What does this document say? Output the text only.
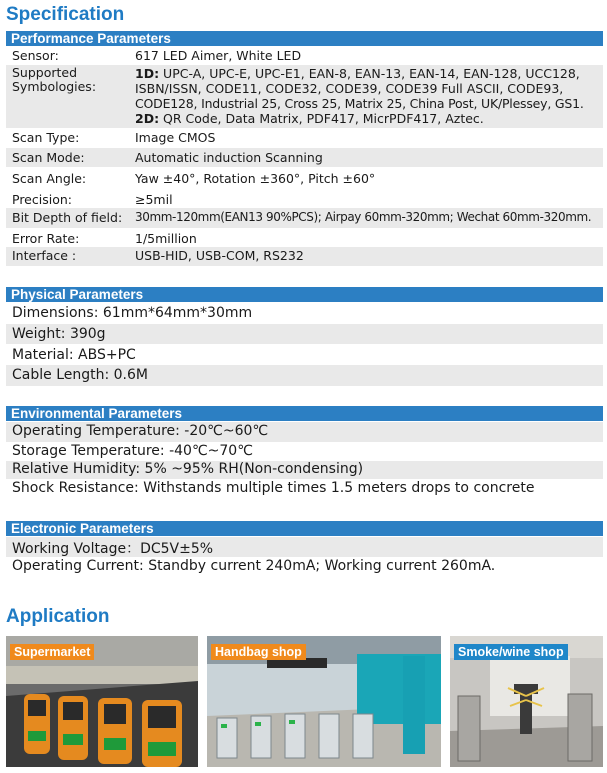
Specification
Performance Parameters
Sensor:	617 LED Aimer, White LED
Supported
Symbologies:
1D: UPC-A, UPC-E, UPC-E1, EAN-8, EAN-13, EAN-14, EAN-128, UCC128,
ISBN/ISSN, CODE11, CODE32, CODE39, CODE39 Full ASCII, CODE93,
CODE128, Industrial 25, Cross 25, Matrix 25, China Post, UK/Plessey, GS1.
2D: QR Code, Data Matrix, PDF417, MicrPDF417, Aztec.
Scan Type:	Image CMOS
Scan Mode:	Automatic induction Scanning
Scan Angle:	Yaw ±40°, Rotation ±360°, Pitch ±60°
Precision:	≥5mil
Bit Depth of field: 30mm-120mm(EAN13 90%PCS); Airpay 60mm-320mm; Wechat 60mm-320mm.
Error Rate:	1/5million
Interface :	USB-HID, USB-COM, RS232
Physical Parameters
Dimensions: 61mm*64mm*30mm
Weight: 390g
Material: ABS+PC
Cable Length: 0.6M
Environmental Parameters
Operating Temperature: -20℃~60℃
Storage Temperature: -40℃~70℃
Relative Humidity: 5% ~95% RH(Non-condensing)
Shock Resistance: Withstands multiple times 1.5 meters drops to concrete
Electronic Parameters
Working Voltage：DC5V±5%
Operating Current: Standby current 240mA; Working current 260mA.
Application
Supermarket	Handbag shop	Smoke/wine shop
